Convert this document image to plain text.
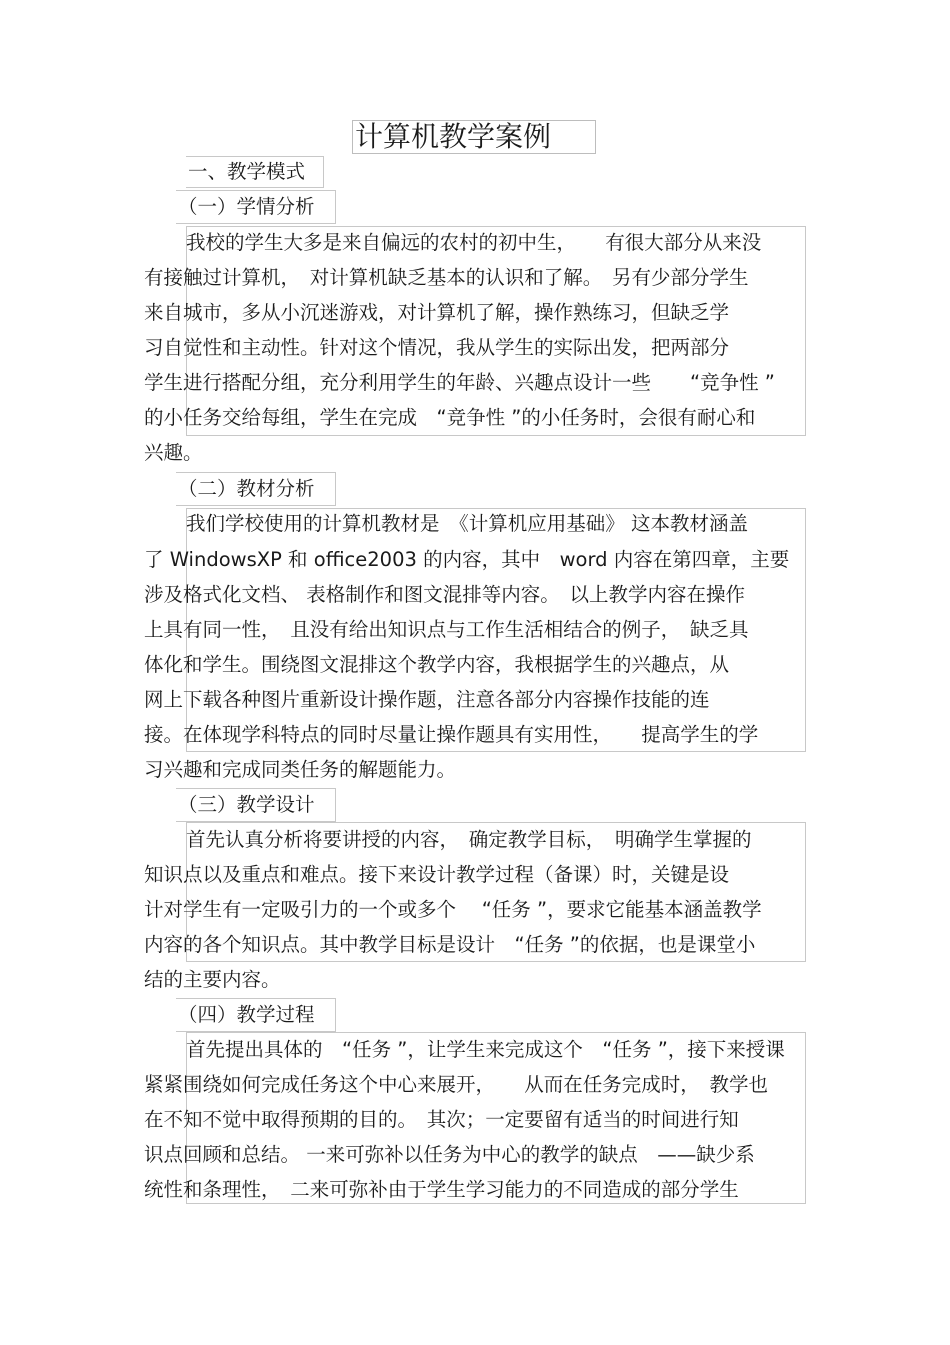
计算机教学案例
一、教学模式
（一）学情分析
我校的学生大多是来自偏远的农村的初中生，　　有很大部分从来没
有接触过计算机，　对计算机缺乏基本的认识和了解。　另有少部分学生
来自城市，多从小沉迷游戏，对计算机了解，操作熟练习，但缺乏学
习自觉性和主动性。针对这个情况，我从学生的实际出发，把两部分
学生进行搭配分组，充分利用学生的年龄、兴趣点设计一些　　“竞争性 ”
的小任务交给每组，学生在完成　“竞争性 ”的小任务时，会很有耐心和
兴趣。
（二）教材分析
我们学校使用的计算机教材是　《计算机应用基础》 这本教材涵盖
了 WindowsXP 和 office2003 的内容，其中　word 内容在第四章，主要
涉及格式化文档、 表格制作和图文混排等内容。　以上教学内容在操作
上具有同一性，　且没有给出知识点与工作生活相结合的例子，　缺乏具
体化和学生。围绕图文混排这个教学内容，我根据学生的兴趣点，从
网上下载各种图片重新设计操作题，注意各部分内容操作技能的连
接。在体现学科特点的同时尽量让操作题具有实用性，　　提高学生的学
习兴趣和完成同类任务的解题能力。
（三）教学设计
首先认真分析将要讲授的内容，　确定教学目标，　明确学生掌握的
知识点以及重点和难点。接下来设计教学过程（备课）时，关键是设
计对学生有一定吸引力的一个或多个　 “任务 ”，要求它能基本涵盖教学
内容的各个知识点。其中教学目标是设计　“任务 ”的依据，也是课堂小
结的主要内容。
（四）教学过程
首先提出具体的　“任务 ”，让学生来完成这个　“任务 ”，接下来授课
紧紧围绕如何完成任务这个中心来展开，　　从而在任务完成时，　教学也
在不知不觉中取得预期的目的。　其次；一定要留有适当的时间进行知
识点回顾和总结。 一来可弥补以任务为中心的教学的缺点　——缺少系
统性和条理性，　二来可弥补由于学生学习能力的不同造成的部分学生
